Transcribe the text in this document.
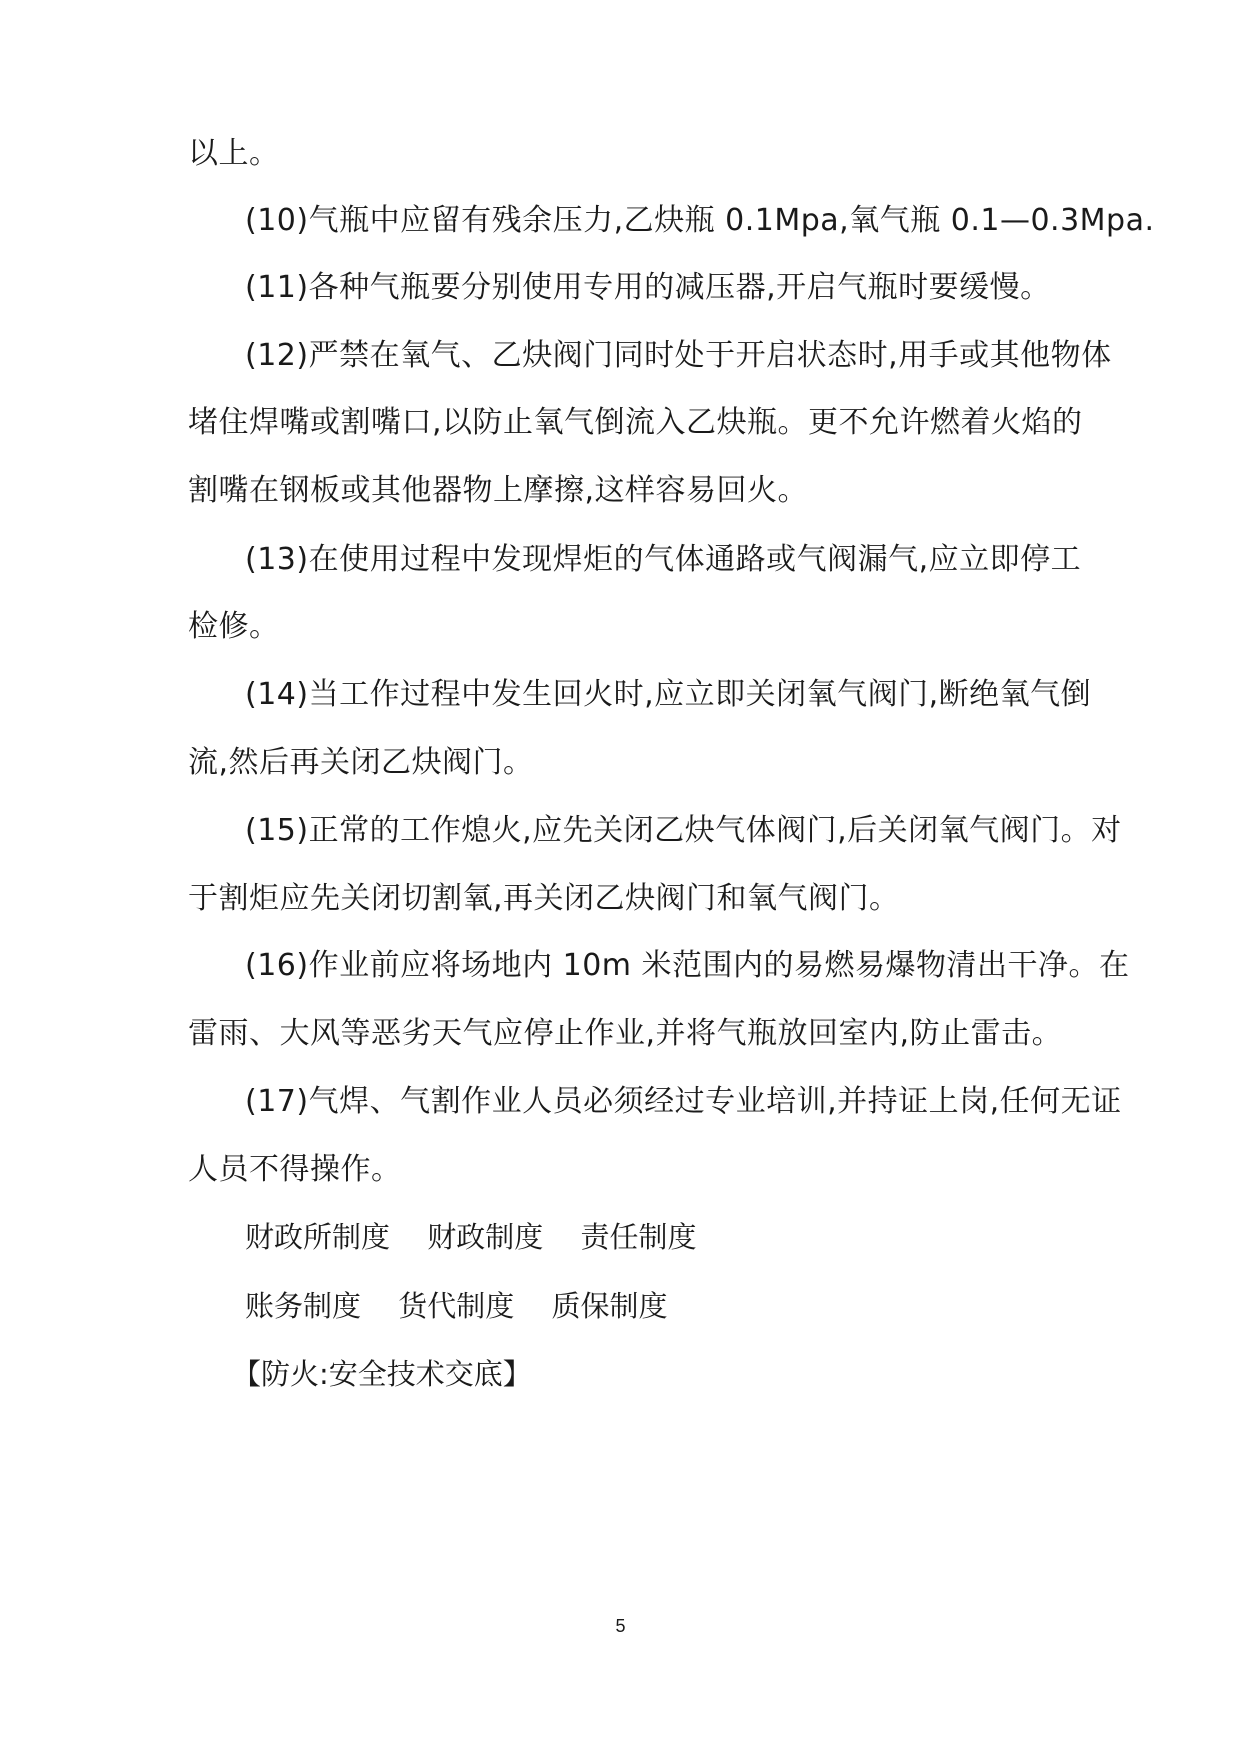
以上。
(10)气瓶中应留有残余压力,乙炔瓶 0.1Mpa,氧气瓶 0.1—0.3Mpa.
(11)各种气瓶要分别使用专用的减压器,开启气瓶时要缓慢。
(12)严禁在氧气、乙炔阀门同时处于开启状态时,用手或其他物体
堵住焊嘴或割嘴口,以防止氧气倒流入乙炔瓶。更不允许燃着火焰的
割嘴在钢板或其他器物上摩擦,这样容易回火。
(13)在使用过程中发现焊炬的气体通路或气阀漏气,应立即停工
检修。
(14)当工作过程中发生回火时,应立即关闭氧气阀门,断绝氧气倒
流,然后再关闭乙炔阀门。
(15)正常的工作熄火,应先关闭乙炔气体阀门,后关闭氧气阀门。对
于割炬应先关闭切割氧,再关闭乙炔阀门和氧气阀门。
(16)作业前应将场地内 10m 米范围内的易燃易爆物清出干净。在
雷雨、大风等恶劣天气应停止作业,并将气瓶放回室内,防止雷击。
(17)气焊、气割作业人员必须经过专业培训,并持证上岗,任何无证
人员不得操作。
财政所制度 财政制度 责任制度
账务制度 货代制度 质保制度
【防火:安全技术交底】
5
